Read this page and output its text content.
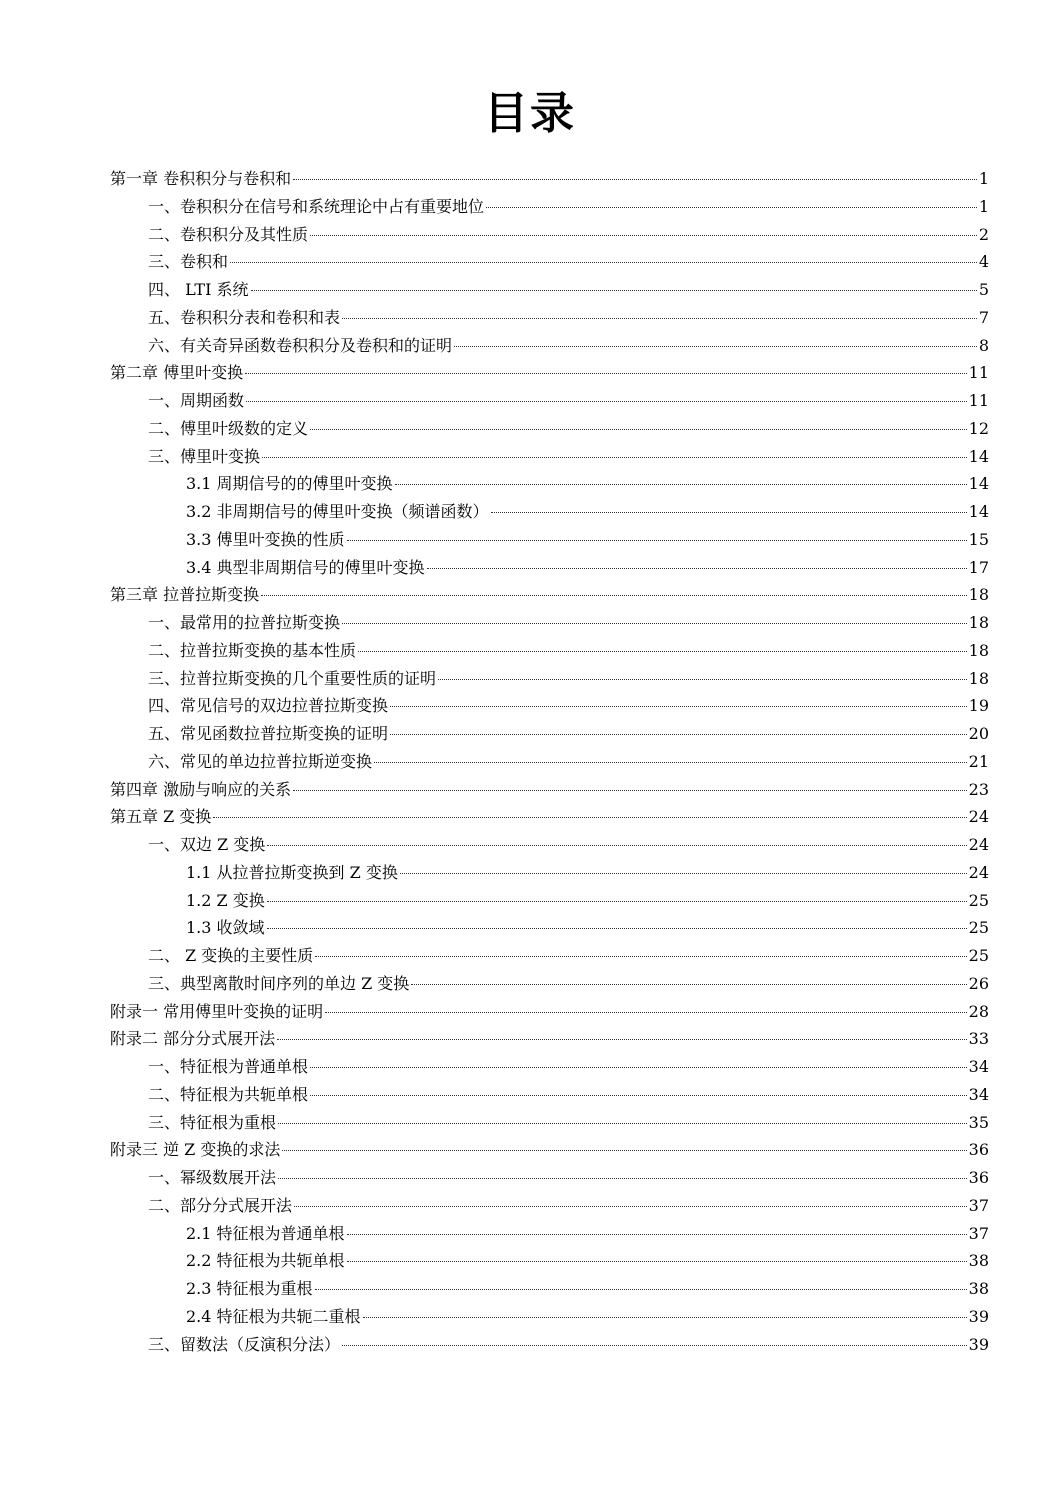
目录
第一章 卷积积分与卷积和	1
一、卷积积分在信号和系统理论中占有重要地位	1
二、卷积积分及其性质	2
三、卷积和	4
四、 LTI 系统	5
五、卷积积分表和卷积和表	7
六、有关奇异函数卷积积分及卷积和的证明	8
第二章 傅里叶变换	11
一、周期函数	11
二、傅里叶级数的定义	12
三、傅里叶变换	14
3.1 周期信号的的傅里叶变换	14
3.2 非周期信号的傅里叶变换（频谱函数）	14
3.3 傅里叶变换的性质	15
3.4 典型非周期信号的傅里叶变换	17
第三章 拉普拉斯变换	18
一、最常用的拉普拉斯变换	18
二、拉普拉斯变换的基本性质	18
三、拉普拉斯变换的几个重要性质的证明	18
四、常见信号的双边拉普拉斯变换	19
五、常见函数拉普拉斯变换的证明	20
六、常见的单边拉普拉斯逆变换	21
第四章 激励与响应的关系	23
第五章 Z 变换	24
一、双边 Z 变换	24
1.1 从拉普拉斯变换到 Z 变换	24
1.2 Z 变换	25
1.3 收敛域	25
二、 Z 变换的主要性质	25
三、典型离散时间序列的单边 Z 变换	26
附录一 常用傅里叶变换的证明	28
附录二 部分分式展开法	33
一、特征根为普通单根	34
二、特征根为共轭单根	34
三、特征根为重根	35
附录三 逆 Z 变换的求法	36
一、幂级数展开法	36
二、部分分式展开法	37
2.1 特征根为普通单根	37
2.2 特征根为共轭单根	38
2.3 特征根为重根	38
2.4 特征根为共轭二重根	39
三、留数法（反演积分法）	39
